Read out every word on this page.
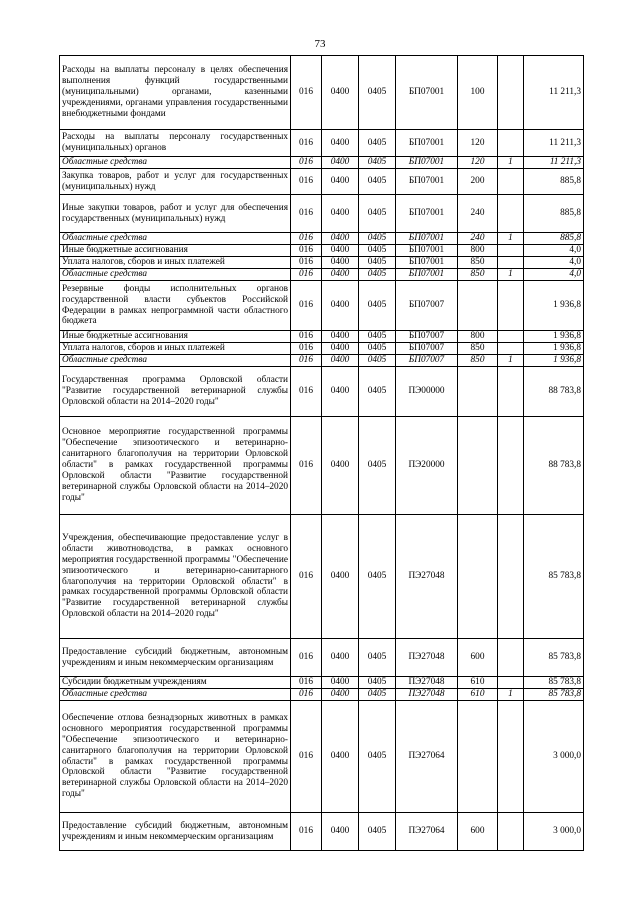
73
Расходы на выплаты персоналу в целях обеспечения выполнения функций государственными (муниципальными) органами, казенными учреждениями, органами управления государственными внебюджетными фондами	016	0400	0405	БП07001	100		11 211,3
Расходы на выплаты персоналу государственных (муниципальных) органов	016	0400	0405	БП07001	120		11 211,3
Областные средства	016	0400	0405	БП07001	120	1	11 211,3
Закупка товаров, работ и услуг для государственных (муниципальных) нужд	016	0400	0405	БП07001	200		885,8
Иные закупки товаров, работ и услуг для обеспечения государственных (муниципальных) нужд	016	0400	0405	БП07001	240		885,8
Областные средства	016	0400	0405	БП07001	240	1	885,8
Иные бюджетные ассигнования	016	0400	0405	БП07001	800		4,0
Уплата налогов, сборов и иных платежей	016	0400	0405	БП07001	850		4,0
Областные средства	016	0400	0405	БП07001	850	1	4,0
Резервные фонды исполнительных органов государственной власти субъектов Российской Федерации в рамках непрограммной части областного бюджета	016	0400	0405	БП07007			1 936,8
Иные бюджетные ассигнования	016	0400	0405	БП07007	800		1 936,8
Уплата налогов, сборов и иных платежей	016	0400	0405	БП07007	850		1 936,8
Областные средства	016	0400	0405	БП07007	850	1	1 936,8
Государственная программа Орловской области "Развитие государственной ветеринарной службы Орловской области на 2014–2020 годы"	016	0400	0405	ПЭ00000			88 783,8
Основное мероприятие государственной программы "Обеспечение эпизоотического и ветеринарно-санитарного благополучия на территории Орловской области" в рамках государственной программы Орловской области "Развитие государственной ветеринарной службы Орловской области на 2014–2020 годы"	016	0400	0405	ПЭ20000			88 783,8
Учреждения, обеспечивающие предоставление услуг в области животноводства, в рамках основного мероприятия государственной программы "Обеспечение эпизоотического и ветеринарно-санитарного благополучия на территории Орловской области" в рамках государственной программы Орловской области "Развитие государственной ветеринарной службы Орловской области на 2014–2020 годы"	016	0400	0405	ПЭ27048			85 783,8
Предоставление субсидий бюджетным, автономным учреждениям и иным некоммерческим организациям	016	0400	0405	ПЭ27048	600		85 783,8
Субсидии бюджетным учреждениям	016	0400	0405	ПЭ27048	610		85 783,8
Областные средства	016	0400	0405	ПЭ27048	610	1	85 783,8
Обеспечение отлова безнадзорных животных в рамках основного мероприятия государственной программы "Обеспечение эпизоотического и ветеринарно-санитарного благополучия на территории Орловской области" в рамках государственной программы Орловской области "Развитие государственной ветеринарной службы Орловской области на 2014–2020 годы"	016	0400	0405	ПЭ27064			3 000,0
Предоставление субсидий бюджетным, автономным учреждениям и иным некоммерческим организациям	016	0400	0405	ПЭ27064	600		3 000,0
